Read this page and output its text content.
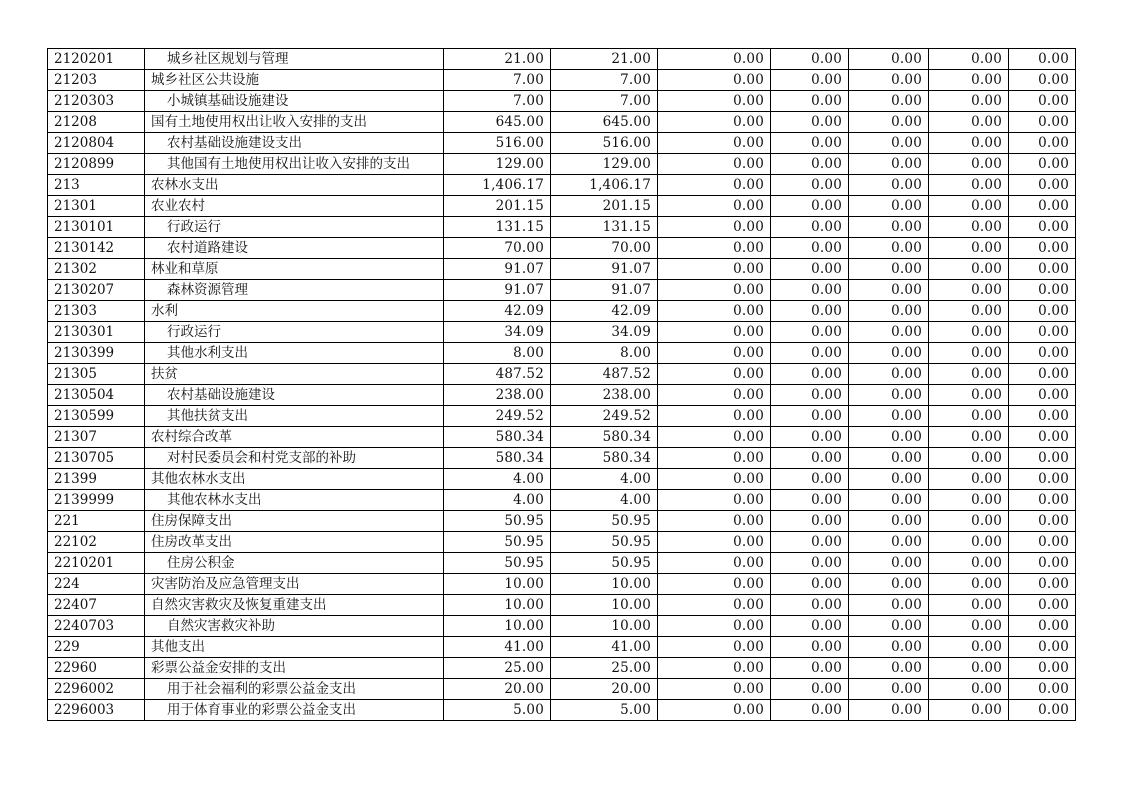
2120201	城乡社区规划与管理	21.00	21.00	0.00	0.00	0.00	0.00	0.00
21203	城乡社区公共设施	7.00	7.00	0.00	0.00	0.00	0.00	0.00
2120303	小城镇基础设施建设	7.00	7.00	0.00	0.00	0.00	0.00	0.00
21208	国有土地使用权出让收入安排的支出	645.00	645.00	0.00	0.00	0.00	0.00	0.00
2120804	农村基础设施建设支出	516.00	516.00	0.00	0.00	0.00	0.00	0.00
2120899	其他国有土地使用权出让收入安排的支出	129.00	129.00	0.00	0.00	0.00	0.00	0.00
213	农林水支出	1,406.17	1,406.17	0.00	0.00	0.00	0.00	0.00
21301	农业农村	201.15	201.15	0.00	0.00	0.00	0.00	0.00
2130101	行政运行	131.15	131.15	0.00	0.00	0.00	0.00	0.00
2130142	农村道路建设	70.00	70.00	0.00	0.00	0.00	0.00	0.00
21302	林业和草原	91.07	91.07	0.00	0.00	0.00	0.00	0.00
2130207	森林资源管理	91.07	91.07	0.00	0.00	0.00	0.00	0.00
21303	水利	42.09	42.09	0.00	0.00	0.00	0.00	0.00
2130301	行政运行	34.09	34.09	0.00	0.00	0.00	0.00	0.00
2130399	其他水利支出	8.00	8.00	0.00	0.00	0.00	0.00	0.00
21305	扶贫	487.52	487.52	0.00	0.00	0.00	0.00	0.00
2130504	农村基础设施建设	238.00	238.00	0.00	0.00	0.00	0.00	0.00
2130599	其他扶贫支出	249.52	249.52	0.00	0.00	0.00	0.00	0.00
21307	农村综合改革	580.34	580.34	0.00	0.00	0.00	0.00	0.00
2130705	对村民委员会和村党支部的补助	580.34	580.34	0.00	0.00	0.00	0.00	0.00
21399	其他农林水支出	4.00	4.00	0.00	0.00	0.00	0.00	0.00
2139999	其他农林水支出	4.00	4.00	0.00	0.00	0.00	0.00	0.00
221	住房保障支出	50.95	50.95	0.00	0.00	0.00	0.00	0.00
22102	住房改革支出	50.95	50.95	0.00	0.00	0.00	0.00	0.00
2210201	住房公积金	50.95	50.95	0.00	0.00	0.00	0.00	0.00
224	灾害防治及应急管理支出	10.00	10.00	0.00	0.00	0.00	0.00	0.00
22407	自然灾害救灾及恢复重建支出	10.00	10.00	0.00	0.00	0.00	0.00	0.00
2240703	自然灾害救灾补助	10.00	10.00	0.00	0.00	0.00	0.00	0.00
229	其他支出	41.00	41.00	0.00	0.00	0.00	0.00	0.00
22960	彩票公益金安排的支出	25.00	25.00	0.00	0.00	0.00	0.00	0.00
2296002	用于社会福利的彩票公益金支出	20.00	20.00	0.00	0.00	0.00	0.00	0.00
2296003	用于体育事业的彩票公益金支出	5.00	5.00	0.00	0.00	0.00	0.00	0.00
